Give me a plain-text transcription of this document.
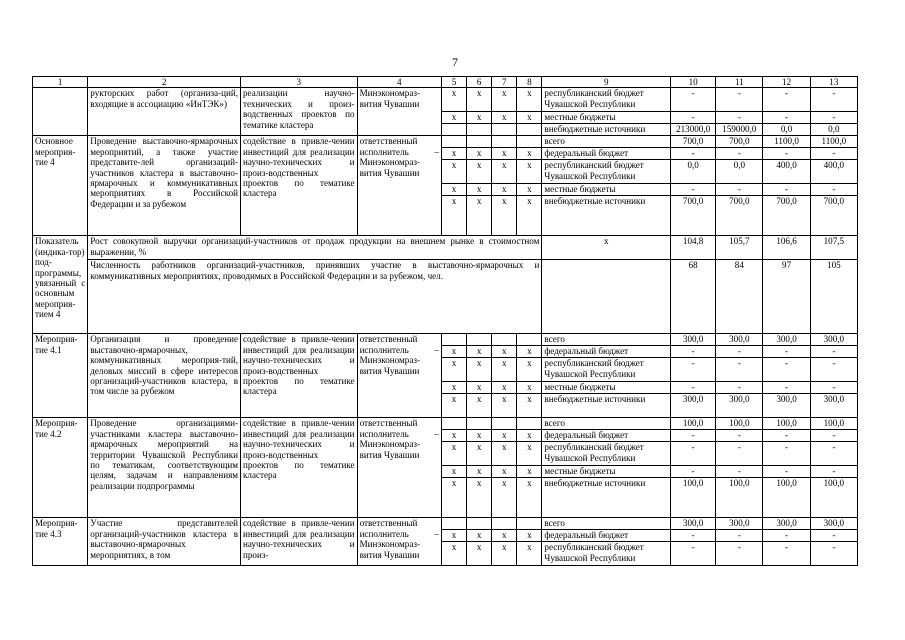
7
1	2	3	4	5	6	7	8	9	10	11	12	13
	рукторских работ (организа-ций, входящие в ассоциацию «ИнТЭК»)	реализации научно-технических и произ-водственных проектов по тематике кластера	Минэкономраз-вития Чувашии	х	х	х	х	республиканский бюджет Чувашской Республики	-	-	-	-
				х	х	х	х	местные бюджеты	-	-	-	-
								внебюджетные источники	213000,0	159000,0	0,0	0,0
Основное мероприя-тие 4	Проведение выставочно-ярмарочных мероприятий, а также участие представите-лей организаций-участников кластера в выставочно-ярмарочных и коммуникативных мероприятиях в Российской Федерации и за рубежом	содействие в привле-чении инвестиций для реализации научно-технических и произ-водственных проектов по тематике кластера	ответственный исполнитель – Минэкономраз-вития Чувашии					всего	700,0	700,0	1100,0	1100,0
				х	х	х	х	федеральный бюджет	-	-	-	-
				х	х	х	х	республиканский бюджет Чувашской Республики	0,0	0,0	400,0	400,0
				х	х	х	х	местные бюджеты	-	-	-	-
				х	х	х	х	внебюджетные источники	700,0	700,0	700,0	700,0
Показатель (индика-тор) под-программы, увязанный с основным мероприя-тием 4	Рост совокупной выручки организаций-участников от продаж продукции на внешнем рынке в стоимостном выражении, %							х	104,8	105,7	106,6	107,5
	Численность работников организаций-участников, принявших участие в выставочно-ярмарочных и коммуникативных мероприятиях, проводимых в Российской Федерации и за рубежом, чел.								68	84	97	105
Мероприя-тие 4.1	Организация и проведение выставочно-ярмарочных, коммуникативных мероприя-тий, деловых миссий в сфере интересов организаций-участников кластера, в том числе за рубежом	содействие в привле-чении инвестиций для реализации научно-технических и произ-водственных проектов по тематике кластера	ответственный исполнитель – Минэкономраз-вития Чувашии					всего	300,0	300,0	300,0	300,0
				х	х	х	х	федеральный бюджет	-	-	-	-
				х	х	х	х	республиканский бюджет Чувашской Республики	-	-	-	-
				х	х	х	х	местные бюджеты	-	-	-	-
				х	х	х	х	внебюджетные источники	300,0	300,0	300,0	300,0
Мероприя-тие 4.2	Проведение организациями-участниками кластера выставочно-ярмарочных мероприятий на территории Чувашской Республики по тематикам, соответствующим целям, задачам и направлениям реализации подпрограммы	содействие в привле-чении инвестиций для реализации научно-технических и произ-водственных проектов по тематике кластера	ответственный исполнитель – Минэкономраз-вития Чувашии					всего	100,0	100,0	100,0	100,0
				х	х	х	х	федеральный бюджет	-	-	-	-
				х	х	х	х	республиканский бюджет Чувашской Республики	-	-	-	-
				х	х	х	х	местные бюджеты	-	-	-	-
				х	х	х	х	внебюджетные источники	100,0	100,0	100,0	100,0
Мероприя-тие 4.3	Участие представителей организаций-участников кластера в выставочно-ярмарочных мероприятиях, в том	содействие в привле-чении инвестиций для реализации научно-технических и произ-	ответственный исполнитель – Минэкономраз-вития Чувашии					всего	300,0	300,0	300,0	300,0
				х	х	х	х	федеральный бюджет	-	-	-	-
				х	х	х	х	республиканский бюджет Чувашской Республики	-	-	-	-
